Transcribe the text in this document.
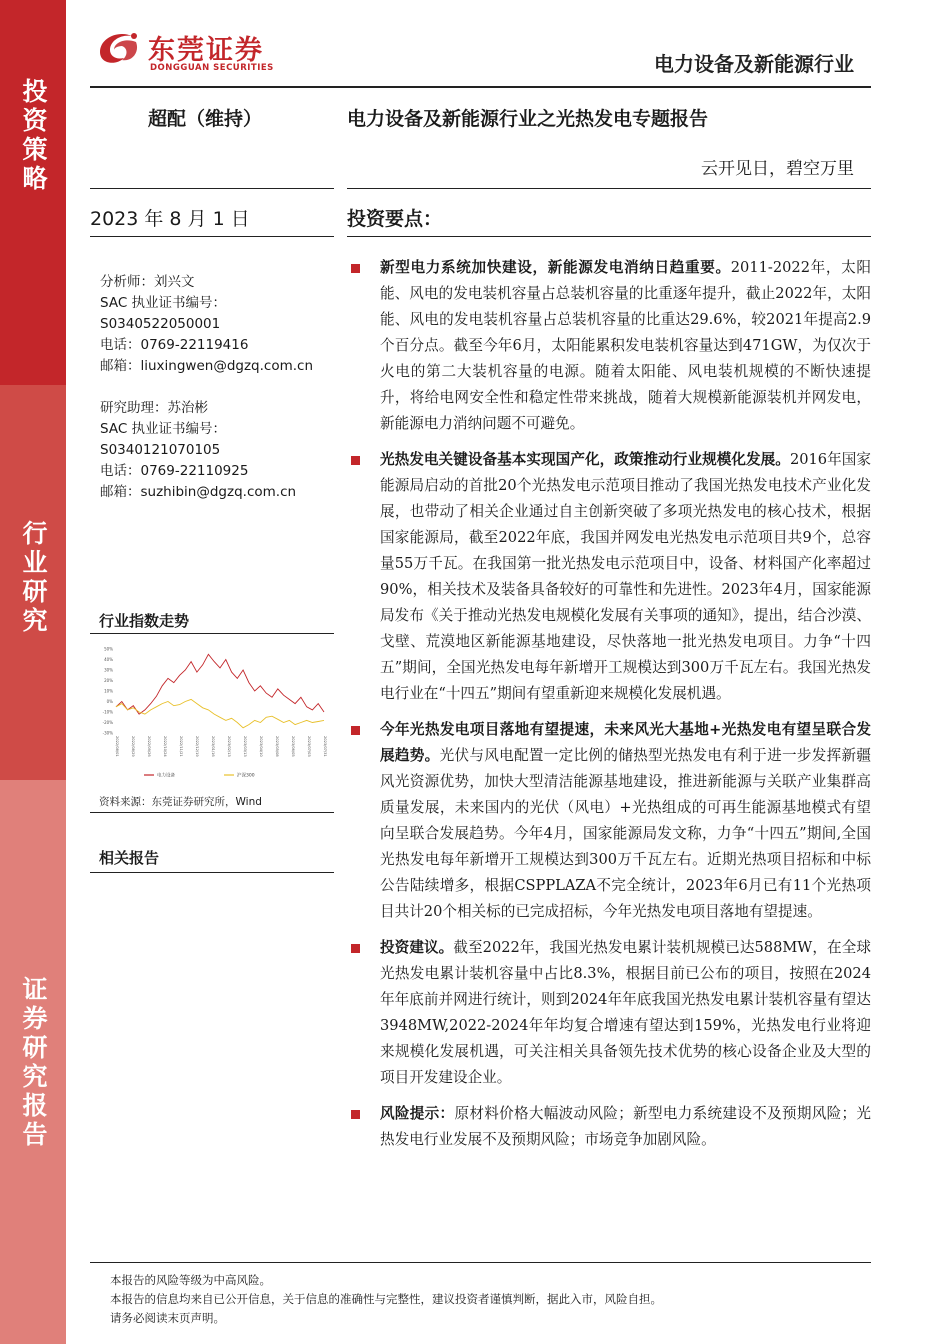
投资策略
行业研究
证券研究报告
东莞证券
DONGGUAN SECURITIES	电力设备及新能源行业
超配（维持）	电力设备及新能源行业之光热发电专题报告
云开见日，碧空万里
2023 年 8 月 1 日	投资要点：
分析师：刘兴文
SAC 执业证书编号：
S0340522050001
电话：0769-22119416
邮箱：liuxingwen@dgzq.com.cn
研究助理：苏治彬
SAC 执业证书编号：
S0340121070105
电话：0769-22110925
邮箱：suzhibin@dgzq.com.cn
行业指数走势
50%
40%
30%
20%
10%
0%
-10%
-20%
-30%
2022/08/01	2022/08/29	2022/09/26	2022/10/24	2022/11/21	2022/12/19	2023/01/16	2023/02/13	2023/03/13	2023/04/10	2023/05/08	2023/06/05	2023/07/03	2023/07/31
电力设备	沪深300
资料来源：东莞证券研究所，Wind
相关报告
新型电力系统加快建设，新能源发电消纳日趋重要。2011-2022年，太阳能、风电的发电装机容量占总装机容量的比重逐年提升，截止2022年，太阳能、风电的发电装机容量占总装机容量的比重达29.6%，较2021年提高2.9个百分点。截至今年6月，太阳能累积发电装机容量达到471GW，为仅次于火电的第二大装机容量的电源。随着太阳能、风电装机规模的不断快速提升，将给电网安全性和稳定性带来挑战，随着大规模新能源装机并网发电，新能源电力消纳问题不可避免。
光热发电关键设备基本实现国产化，政策推动行业规模化发展。2016年国家能源局启动的首批20个光热发电示范项目推动了我国光热发电技术产业化发展，也带动了相关企业通过自主创新突破了多项光热发电的核心技术，根据国家能源局，截至2022年底，我国并网发电光热发电示范项目共9个，总容量55万千瓦。在我国第一批光热发电示范项目中，设备、材料国产化率超过90%，相关技术及装备具备较好的可靠性和先进性。2023年4月，国家能源局发布《关于推动光热发电规模化发展有关事项的通知》，提出，结合沙漠、戈壁、荒漠地区新能源基地建设，尽快落地一批光热发电项目。力争“十四五”期间，全国光热发电每年新增开工规模达到300万千瓦左右。我国光热发电行业在“十四五”期间有望重新迎来规模化发展机遇。
今年光热发电项目落地有望提速，未来风光大基地+光热发电有望呈联合发展趋势。光伏与风电配置一定比例的储热型光热发电有利于进一步发挥新疆风光资源优势，加快大型清洁能源基地建设，推进新能源与关联产业集群高质量发展，未来国内的光伏（风电）+光热组成的可再生能源基地模式有望向呈联合发展趋势。今年4月，国家能源局发文称，力争“十四五”期间,全国光热发电每年新增开工规模达到300万千瓦左右。近期光热项目招标和中标公告陆续增多，根据CSPPLAZA不完全统计，2023年6月已有11个光热项目共计20个相关标的已完成招标，今年光热发电项目落地有望提速。
投资建议。截至2022年，我国光热发电累计装机规模已达588MW，在全球光热发电累计装机容量中占比8.3%，根据目前已公布的项目，按照在2024年年底前并网进行统计，则到2024年年底我国光热发电累计装机容量有望达3948MW,2022-2024年年均复合增速有望达到159%，光热发电行业将迎来规模化发展机遇，可关注相关具备领先技术优势的核心设备企业及大型的项目开发建设企业。
风险提示：原材料价格大幅波动风险；新型电力系统建设不及预期风险；光热发电行业发展不及预期风险；市场竞争加剧风险。
本报告的风险等级为中高风险。
本报告的信息均来自已公开信息，关于信息的准确性与完整性，建议投资者谨慎判断，据此入市，风险自担。
请务必阅读末页声明。
